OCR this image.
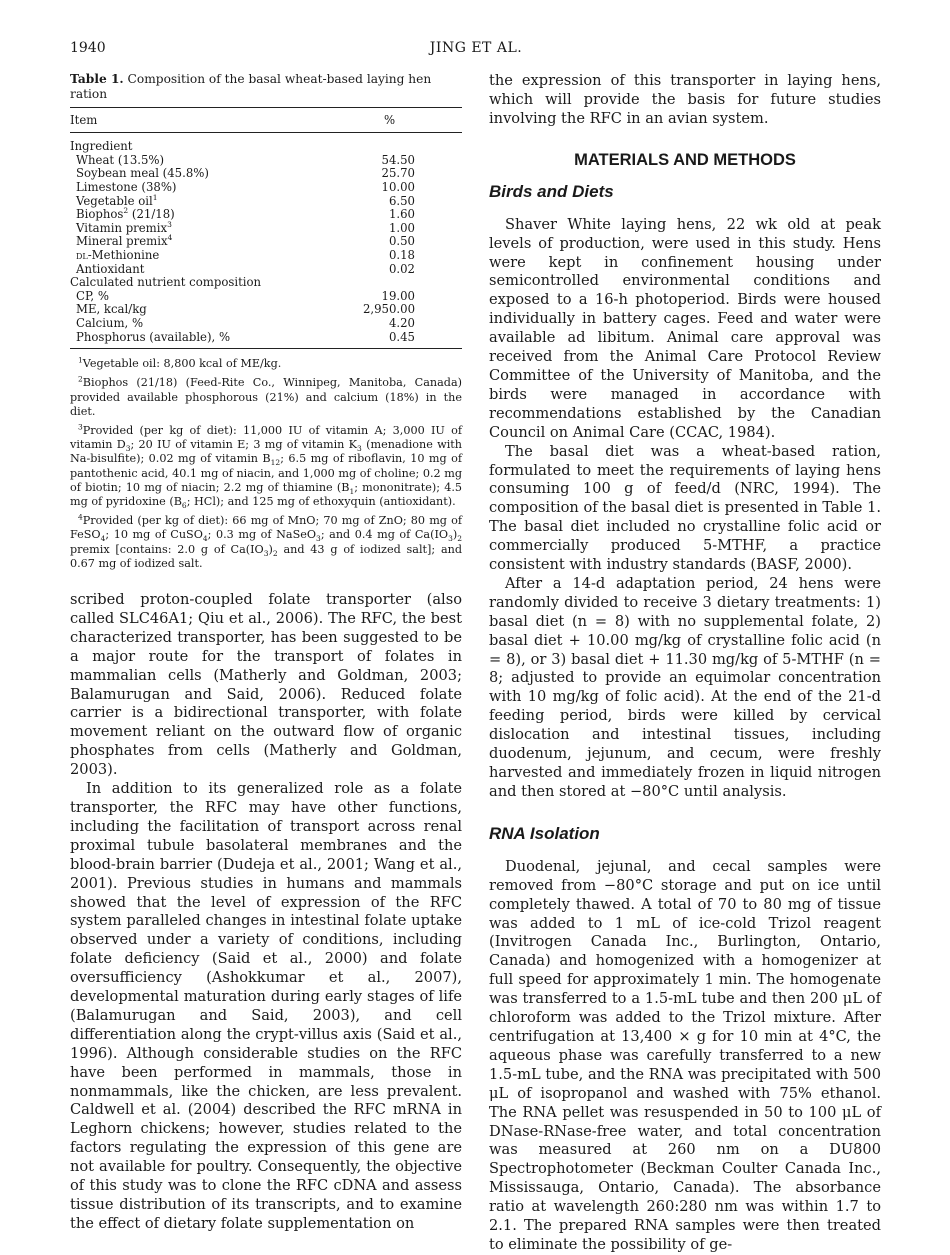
1940	JING ET AL.

Table 1. Composition of the basal wheat-based laying hen ration

Item	%
Ingredient	
Wheat (13.5%)	54.50
Soybean meal (45.8%)	25.70
Limestone (38%)	10.00
Vegetable oil$^1$	6.50
Biophos$^2$ (21/18)	1.60
Vitamin premix$^3$	1.00
Mineral premix$^4$	0.50
dl-Methionine	0.18
Antioxidant	0.02
Calculated nutrient composition	
CP, %	19.00
ME, kcal/kg	2,950.00
Calcium, %	4.20
Phosphorus (available), %	0.45

$^1$Vegetable oil: 8,800 kcal of ME/kg.

$^2$Biophos (21/18) (Feed-Rite Co., Winnipeg, Manitoba, Canada) provided available phosphorous (21%) and calcium (18%) in the diet.

$^3$Provided (per kg of diet): 11,000 IU of vitamin A; 3,000 IU of vitamin $D_3$; 20 IU of vitamin E; 3 mg of vitamin $K_3$ (menadione with Na-bisulfite); 0.02 mg of vitamin $B_{12}$; 6.5 mg of riboflavin, 10 mg of pantothenic acid, 40.1 mg of niacin, and 1,000 mg of choline; 0.2 mg of biotin; 10 mg of niacin; 2.2 mg of thiamine ($B_1$; mononitrate); 4.5 mg of pyridoxine ($B_6$; HCl); and 125 mg of ethoxyquin (antioxidant).

$^4$Provided (per kg of diet): 66 mg of MnO; 70 mg of ZnO; 80 mg of FeSO$_4$; 10 mg of CuSO$_4$; 0.3 mg of NaSeO$_3$; and 0.4 mg of $Ca(IO_3)_2$ premix [contains: 2.0 g of $Ca(IO_3)_2$ and 43 g of iodized salt]; and 0.67 mg of iodized salt.

scribed proton-coupled folate transporter (also called SLC46A1; Qiu et al., 2006). The RFC, the best characterized transporter, has been suggested to be a major route for the transport of folates in mammalian cells (Matherly and Goldman, 2003; Balamurugan and Said, 2006). Reduced folate carrier is a bidirectional transporter, with folate movement reliant on the outward flow of organic phosphates from cells (Matherly and Goldman, 2003).

In addition to its generalized role as a folate transporter, the RFC may have other functions, including the facilitation of transport across renal proximal tubule basolateral membranes and the blood-brain barrier (Dudeja et al., 2001; Wang et al., 2001). Previous studies in humans and mammals showed that the level of expression of the RFC system paralleled changes in intestinal folate uptake observed under a variety of conditions, including folate deficiency (Said et al., 2000) and folate oversufficiency (Ashokkumar et al., 2007), developmental maturation during early stages of life (Balamurugan and Said, 2003), and cell differentiation along the crypt-villus axis (Said et al., 1996). Although considerable studies on the RFC have been performed in mammals, those in nonmammals, like the chicken, are less prevalent. Caldwell et al. (2004) described the RFC mRNA in Leghorn chickens; however, studies related to the factors regulating the expression of this gene are not available for poultry. Consequently, the objective of this study was to clone the RFC cDNA and assess tissue distribution of its transcripts, and to examine the effect of dietary folate supplementation on

the expression of this transporter in laying hens, which will provide the basis for future studies involving the RFC in an avian system.

MATERIALS AND METHODS
Birds and Diets

Shaver White laying hens, 22 wk old at peak levels of production, were used in this study. Hens were kept in confinement housing under semicontrolled environmental conditions and exposed to a 16-h photoperiod. Birds were housed individually in battery cages. Feed and water were available ad libitum. Animal care approval was received from the Animal Care Protocol Review Committee of the University of Manitoba, and the birds were managed in accordance with recommendations established by the Canadian Council on Animal Care (CCAC, 1984).

The basal diet was a wheat-based ration, formulated to meet the requirements of laying hens consuming 100 g of feed/d (NRC, 1994). The composition of the basal diet is presented in Table 1. The basal diet included no crystalline folic acid or commercially produced 5-MTHF, a practice consistent with industry standards (BASF, 2000).

After a 14-d adaptation period, 24 hens were randomly divided to receive 3 dietary treatments: 1) basal diet (n = 8) with no supplemental folate, 2) basal diet + 10.00 mg/kg of crystalline folic acid (n = 8), or 3) basal diet + 11.30 mg/kg of 5-MTHF (n = 8; adjusted to provide an equimolar concentration with 10 mg/kg of folic acid). At the end of the 21-d feeding period, birds were killed by cervical dislocation and intestinal tissues, including duodenum, jejunum, and cecum, were freshly harvested and immediately frozen in liquid nitrogen and then stored at −80°C until analysis.

RNA Isolation

Duodenal, jejunal, and cecal samples were removed from −80°C storage and put on ice until completely thawed. A total of 70 to 80 mg of tissue was added to 1 mL of ice-cold Trizol reagent (Invitrogen Canada Inc., Burlington, Ontario, Canada) and homogenized with a homogenizer at full speed for approximately 1 min. The homogenate was transferred to a 1.5-mL tube and then 200 μL of chloroform was added to the Trizol mixture. After centrifugation at 13,400 × g for 10 min at 4°C, the aqueous phase was carefully transferred to a new 1.5-mL tube, and the RNA was precipitated with 500 μL of isopropanol and washed with 75% ethanol. The RNA pellet was resuspended in 50 to 100 μL of DNase-RNase-free water, and total concentration was measured at 260 nm on a DU800 Spectrophotometer (Beckman Coulter Canada Inc., Mississauga, Ontario, Canada). The absorbance ratio at wavelength 260:280 nm was within 1.7 to 2.1. The prepared RNA samples were then treated to eliminate the possibility of ge-
